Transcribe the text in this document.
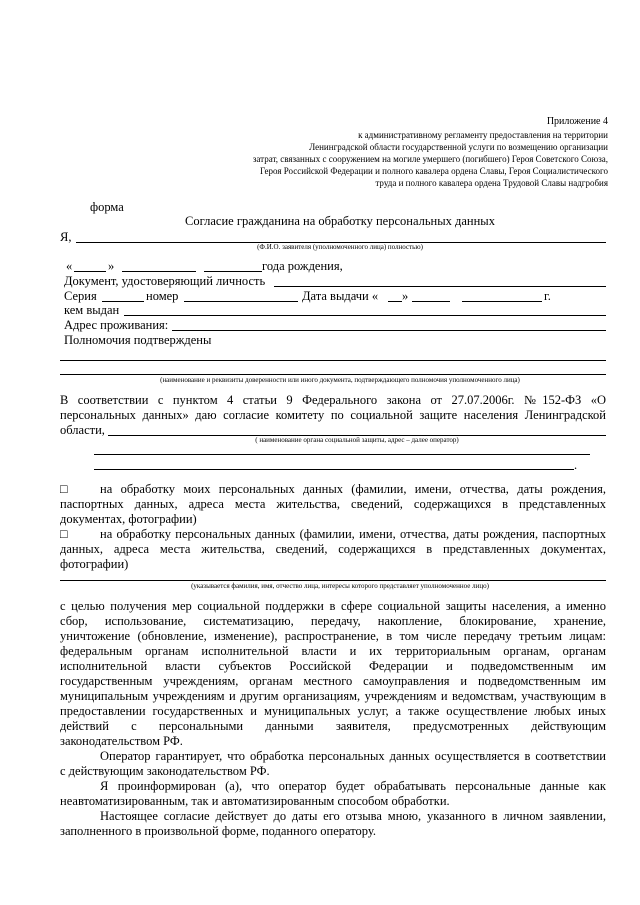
Приложение 4
к административному регламенту предоставления на территории
Ленинградской области государственной услуги по возмещению организации
затрат, связанных с сооружением на могиле умершего (погибшего) Героя Советского Союза,
Героя Российской Федерации и полного кавалера ордена Славы, Героя Социалистического
труда и полного кавалера ордена Трудовой Славы надгробия
форма
Согласие гражданина на обработку персональных данных
Я,
(Ф.И.О. заявителя (уполномоченного лица) полностью)
«	»	года рождения,
Документ, удостоверяющий личность
Серия	номер	Дата выдачи « »	г.
кем выдан
Адрес проживания:
Полномочия подтверждены
(наименование и реквизиты доверенности или иного документа, подтверждающего полномочия уполномоченного лица)
В соответствии с пунктом 4 статьи 9 Федерального закона от 27.07.2006г. №152-ФЗ «О
персональных данных» даю согласие комитету по социальной защите населения Ленинградской
области,
( наименование органа социальной защиты, адрес – далее оператор)
.
□	на обработку моих персональных данных (фамилии, имени, отчества, даты рождения,
паспортных данных, адреса места жительства, сведений, содержащихся в представленных
документах, фотографии)
□	на обработку персональных данных (фамилии, имени, отчества, даты рождения, паспортных
данных, адреса места жительства, сведений, содержащихся в представленных документах,
фотографии)
(указывается фамилия, имя, отчество лица, интересы которого представляет уполномоченное лицо)
с целью получения мер социальной поддержки в сфере социальной защиты населения, а именно
сбор, использование, систематизацию, передачу, накопление, блокирование, хранение,
уничтожение (обновление, изменение), распространение, в том числе передачу третьим лицам:
федеральным органам исполнительной власти и их территориальным органам, органам
исполнительной власти субъектов Российской Федерации и подведомственным им
государственным учреждениям, органам местного самоуправления и подведомственным им
муниципальным учреждениям и другим организациям, учреждениям и ведомствам, участвующим в
предоставлении государственных и муниципальных услуг, а также осуществление любых иных
действий с персональными данными заявителя, предусмотренных действующим
законодательством РФ.
Оператор гарантирует, что обработка персональных данных осуществляется в соответствии
с действующим законодательством РФ.
Я проинформирован (а), что оператор будет обрабатывать персональные данные как
неавтоматизированным, так и автоматизированным способом обработки.
Настоящее согласие действует до даты его отзыва мною, указанного в личном заявлении,
заполненного в произвольной форме, поданного оператору.
